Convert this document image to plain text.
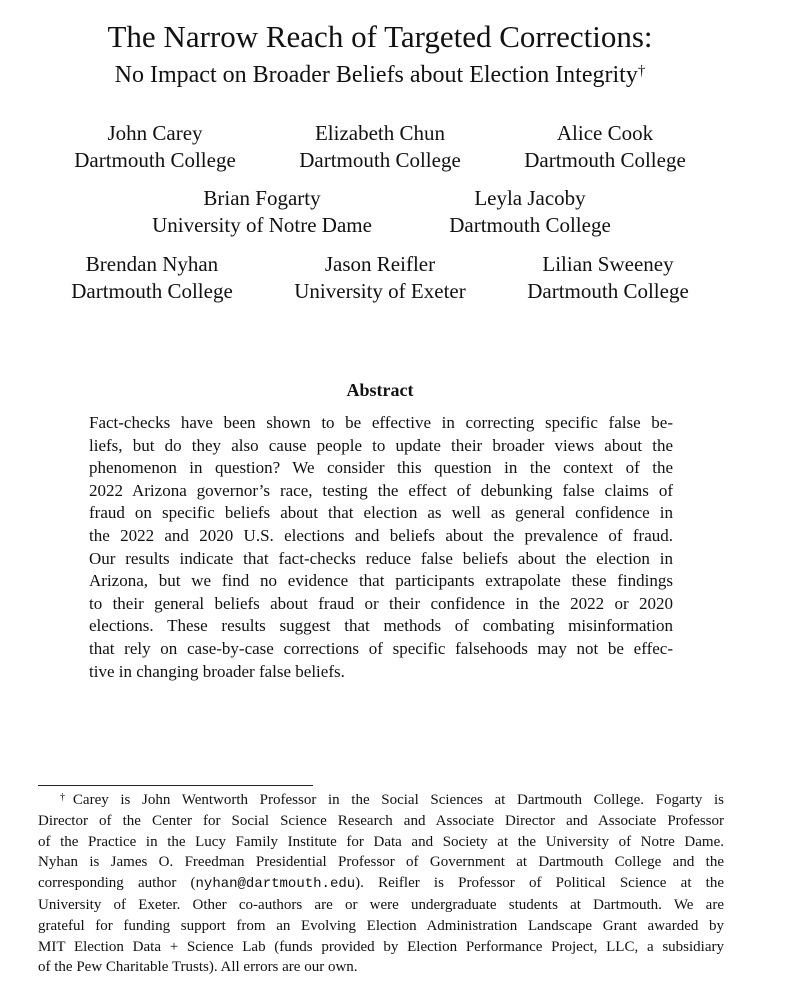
The Narrow Reach of Targeted Corrections:
No Impact on Broader Beliefs about Election Integrity†
John Carey
Dartmouth College
Elizabeth Chun
Dartmouth College
Alice Cook
Dartmouth College
Brian Fogarty
University of Notre Dame
Leyla Jacoby
Dartmouth College
Brendan Nyhan
Dartmouth College
Jason Reifler
University of Exeter
Lilian Sweeney
Dartmouth College
Abstract
Fact-checks have been shown to be effective in correcting specific false be-
liefs, but do they also cause people to update their broader views about the
phenomenon in question? We consider this question in the context of the
2022 Arizona governor’s race, testing the effect of debunking false claims of
fraud on specific beliefs about that election as well as general confidence in
the 2022 and 2020 U.S. elections and beliefs about the prevalence of fraud.
Our results indicate that fact-checks reduce false beliefs about the election in
Arizona, but we find no evidence that participants extrapolate these findings
to their general beliefs about fraud or their confidence in the 2022 or 2020
elections. These results suggest that methods of combating misinformation
that rely on case-by-case corrections of specific falsehoods may not be effec-
tive in changing broader false beliefs.
†Carey is John Wentworth Professor in the Social Sciences at Dartmouth College. Fogarty is
Director of the Center for Social Science Research and Associate Director and Associate Professor
of the Practice in the Lucy Family Institute for Data and Society at the University of Notre Dame.
Nyhan is James O. Freedman Presidential Professor of Government at Dartmouth College and the
corresponding author (nyhan@dartmouth.edu). Reifler is Professor of Political Science at the
University of Exeter. Other co-authors are or were undergraduate students at Dartmouth. We are
grateful for funding support from an Evolving Election Administration Landscape Grant awarded by
MIT Election Data + Science Lab (funds provided by Election Performance Project, LLC, a subsidiary
of the Pew Charitable Trusts). All errors are our own.
